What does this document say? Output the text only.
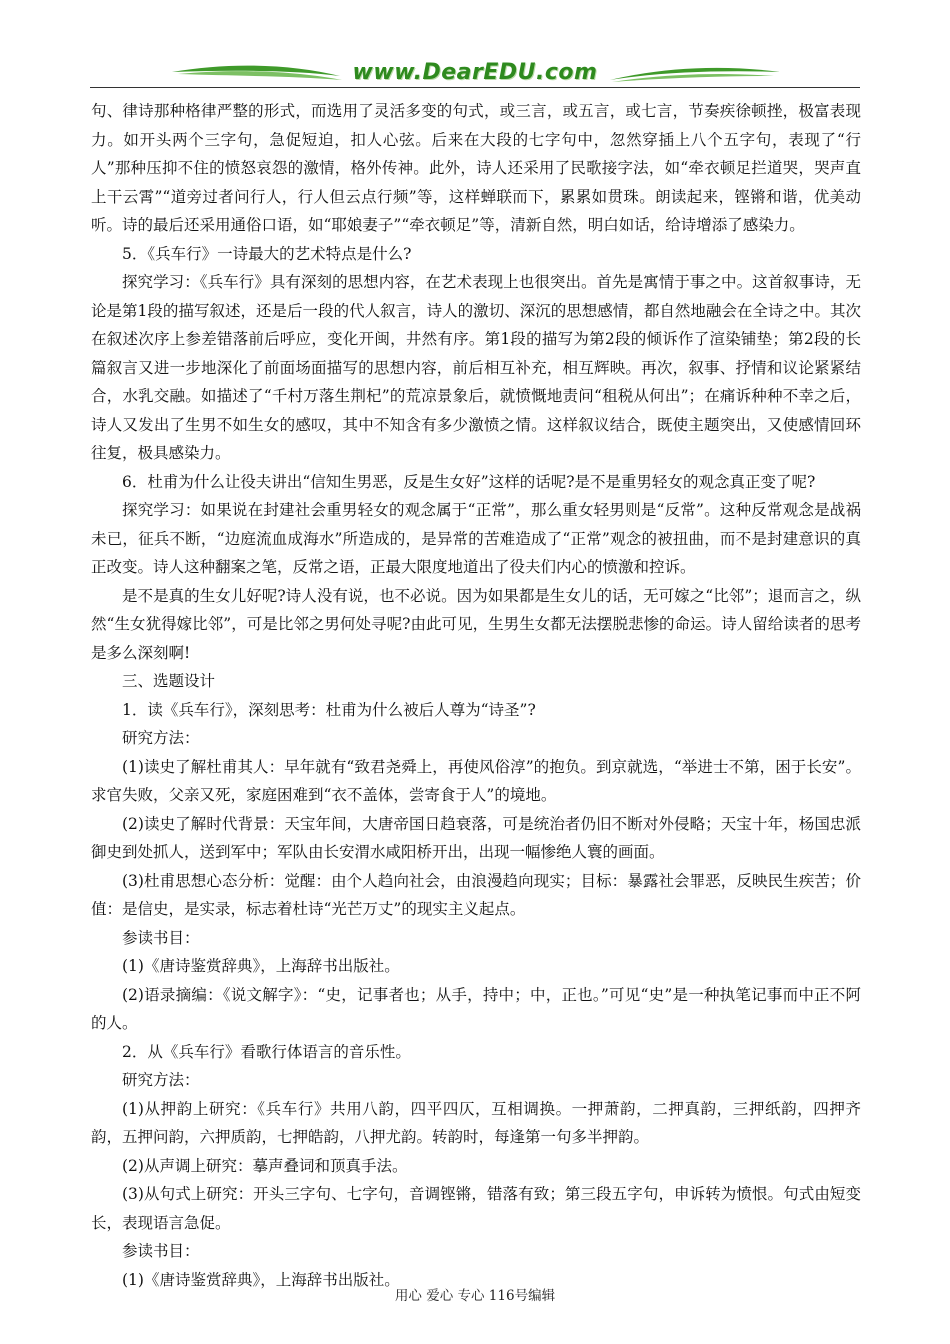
www.DearEDU.com

句、律诗那种格律严整的形式，而选用了灵活多变的句式，或三言，或五言，或七言，节奏疾徐顿挫，极富表现力。如开头两个三字句，急促短迫，扣人心弦。后来在大段的七字句中，忽然穿插上八个五字句，表现了“行人”那种压抑不住的愤怒哀怨的激情，格外传神。此外，诗人还采用了民歌接字法，如“牵衣顿足拦道哭，哭声直上干云霄”“道旁过者问行人，行人但云点行频”等，这样蝉联而下，累累如贯珠。朗读起来，铿锵和谐，优美动听。诗的最后还采用通俗口语，如“耶娘妻子”“牵衣顿足”等，清新自然，明白如话，给诗增添了感染力。

5．《兵车行》一诗最大的艺术特点是什么?

探究学习：《兵车行》具有深刻的思想内容，在艺术表现上也很突出。首先是寓情于事之中。这首叙事诗，无论是第1段的描写叙述，还是后一段的代人叙言，诗人的激切、深沉的思想感情，都自然地融会在全诗之中。其次在叙述次序上参差错落前后呼应，变化开闽，井然有序。第1段的描写为第2段的倾诉作了渲染铺垫；第2段的长篇叙言又进一步地深化了前面场面描写的思想内容，前后相互补充，相互辉映。再次，叙事、抒情和议论紧紧结合，水乳交融。如描述了“千村万落生荆杞”的荒凉景象后，就愤慨地责问“租税从何出”；在痛诉种种不幸之后，诗人又发出了生男不如生女的感叹，其中不知含有多少激愤之情。这样叙议结合，既使主题突出，又使感情回环往复，极具感染力。

6．杜甫为什么让役夫讲出“信知生男恶，反是生女好”这样的话呢?是不是重男轻女的观念真正变了呢?

探究学习：如果说在封建社会重男轻女的观念属于“正常”，那么重女轻男则是“反常”。这种反常观念是战祸未已，征兵不断，“边庭流血成海水”所造成的，是异常的苦难造成了“正常”观念的被扭曲，而不是封建意识的真正改变。诗人这种翻案之笔，反常之语，正最大限度地道出了役夫们内心的愤激和控诉。

是不是真的生女儿好呢?诗人没有说，也不必说。因为如果都是生女儿的话，无可嫁之“比邻”；退而言之，纵然“生女犹得嫁比邻”，可是比邻之男何处寻呢?由此可见，生男生女都无法摆脱悲惨的命运。诗人留给读者的思考是多么深刻啊!

三、选题设计

1．读《兵车行》，深刻思考：杜甫为什么被后人尊为“诗圣”?

研究方法：

(1)读史了解杜甫其人：早年就有“致君尧舜上，再使风俗淳”的抱负。到京就选，“举进士不第，困于长安”。求官失败，父亲又死，家庭困难到“衣不盖体，尝寄食于人”的境地。

(2)读史了解时代背景：天宝年间，大唐帝国日趋衰落，可是统治者仍旧不断对外侵略；天宝十年，杨国忠派御史到处抓人，送到军中；军队由长安渭水咸阳桥开出，出现一幅惨绝人寰的画面。

(3)杜甫思想心态分析：觉醒：由个人趋向社会，由浪漫趋向现实；目标：暴露社会罪恶，反映民生疾苦；价值：是信史，是实录，标志着杜诗“光芒万丈”的现实主义起点。

参读书目：

(1)《唐诗鉴赏辞典》，上海辞书出版社。

(2)语录摘编：《说文解字》：“史，记事者也；从手，持中；中，正也。”可见“史”是一种执笔记事而中正不阿的人。

2．从《兵车行》看歌行体语言的音乐性。

研究方法：

(1)从押韵上研究：《兵车行》共用八韵，四平四仄，互相调换。一押萧韵，二押真韵，三押纸韵，四押齐韵，五押问韵，六押质韵，七押皓韵，八押尤韵。转韵时，每逢第一句多半押韵。

(2)从声调上研究：摹声叠词和顶真手法。

(3)从句式上研究：开头三字句、七字句，音调铿锵，错落有致；第三段五字句，申诉转为愤恨。句式由短变长，表现语言急促。

参读书目：

(1)《唐诗鉴赏辞典》，上海辞书出版社。

用心 爱心 专心 116号编辑
